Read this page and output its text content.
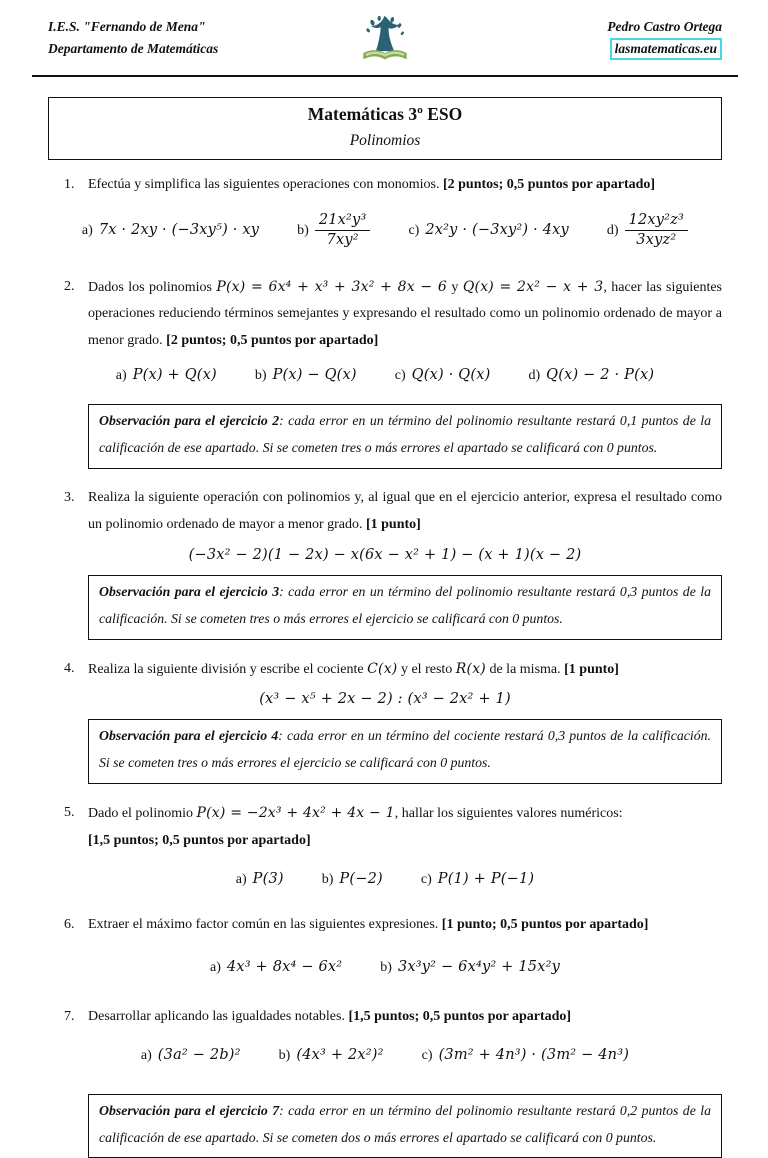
I.E.S. "Fernando de Mena"
Departamento de Matemáticas
Pedro Castro Ortega
lasmatematicas.eu
Matemáticas 3º ESO
Polinomios
1. Efectúa y simplifica las siguientes operaciones con monomios. [2 puntos; 0,5 puntos por apartado]
a) 7x · 2xy · (−3xy⁵) · xy	$b) \frac{\text{21x²y³}}{\text{7xy²}}$	c) 2x²y · (−3xy²) · 4xy	$d) \frac{\text{12xy²z³}}{\text{3xyz²}}$
2. Dados los polinomios P(x) = 6x⁴ + x³ + 3x² + 8x − 6 y Q(x) = 2x² − x + 3, hacer las siguientes operaciones reduciendo términos semejantes y expresando el resultado como un polinomio ordenado de mayor a menor grado. [2 puntos; 0,5 puntos por apartado]
a) P(x) + Q(x)	b) P(x) − Q(x)	c) Q(x) · Q(x)	d) Q(x) − 2 · P(x)
Observación para el ejercicio 2: cada error en un término del polinomio resultante restará 0,1 puntos de la calificación de ese apartado. Si se cometen tres o más errores el apartado se calificará con 0 puntos.
3. Realiza la siguiente operación con polinomios y, al igual que en el ejercicio anterior, expresa el resultado como un polinomio ordenado de mayor a menor grado. [1 punto]
(−3x² − 2)(1 − 2x) − x(6x − x² + 1) − (x + 1)(x − 2)
Observación para el ejercicio 3: cada error en un término del polinomio resultante restará 0,3 puntos de la calificación. Si se cometen tres o más errores el ejercicio se calificará con 0 puntos.
4. Realiza la siguiente división y escribe el cociente C(x) y el resto R(x) de la misma. [1 punto]
(x³ − x⁵ + 2x − 2) : (x³ − 2x² + 1)
Observación para el ejercicio 4: cada error en un término del cociente restará 0,3 puntos de la calificación. Si se cometen tres o más errores el ejercicio se calificará con 0 puntos.
5. Dado el polinomio P(x) = −2x³ + 4x² + 4x − 1, hallar los siguientes valores numéricos:
[1,5 puntos; 0,5 puntos por apartado]
a) P(3)	b) P(−2)	c) P(1) + P(−1)
6. Extraer el máximo factor común en las siguientes expresiones. [1 punto; 0,5 puntos por apartado]
a) 4x³ + 8x⁴ − 6x²	b) 3x³y² − 6x⁴y² + 15x²y
7. Desarrollar aplicando las igualdades notables. [1,5 puntos; 0,5 puntos por apartado]
a) (3a² − 2b)²	b) (4x³ + 2x²)²	c) (3m² + 4n³) · (3m² − 4n³)
Observación para el ejercicio 7: cada error en un término del polinomio resultante restará 0,2 puntos de la calificación de ese apartado. Si se cometen dos o más errores el apartado se calificará con 0 puntos.
